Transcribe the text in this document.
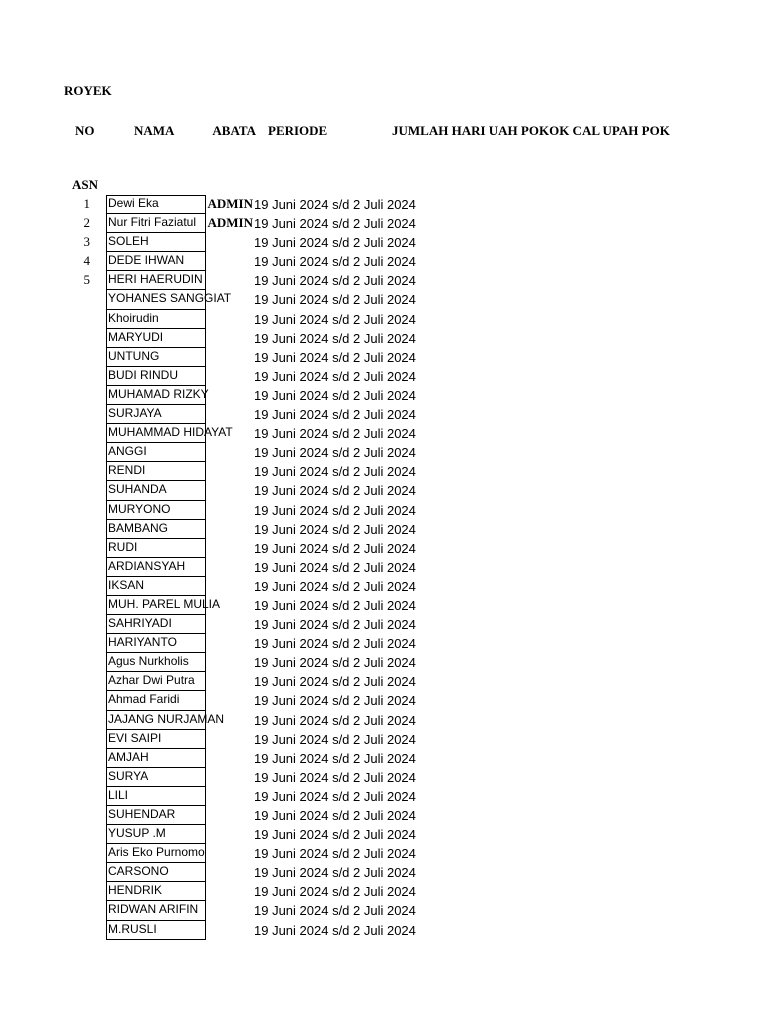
ROYEK
NO	NAMA	ABATA PERIODE	JUMLAH HARI UAH POKOK CAL UPAH POK
ASN
1 Dewi Eka	ADMIN 19 Juni 2024 s/d 2 Juli 2024
2 Nur Fitri Faziatul ADMIN 19 Juni 2024 s/d 2 Juli 2024
3 SOLEH	19 Juni 2024 s/d 2 Juli 2024
4 DEDE IHWAN	19 Juni 2024 s/d 2 Juli 2024
5 HERI HAERUDIN	19 Juni 2024 s/d 2 Juli 2024
YOHANES SANGGIAT 19 Juni 2024 s/d 2 Juli 2024
Khoirudin	19 Juni 2024 s/d 2 Juli 2024
MARYUDI	19 Juni 2024 s/d 2 Juli 2024
UNTUNG	19 Juni 2024 s/d 2 Juli 2024
BUDI RINDU	19 Juni 2024 s/d 2 Juli 2024
MUHAMAD RIZKY	19 Juni 2024 s/d 2 Juli 2024
SURJAYA	19 Juni 2024 s/d 2 Juli 2024
MUHAMMAD HIDAYAT 19 Juni 2024 s/d 2 Juli 2024
ANGGI	19 Juni 2024 s/d 2 Juli 2024
RENDI	19 Juni 2024 s/d 2 Juli 2024
SUHANDA	19 Juni 2024 s/d 2 Juli 2024
MURYONO	19 Juni 2024 s/d 2 Juli 2024
BAMBANG	19 Juni 2024 s/d 2 Juli 2024
RUDI	19 Juni 2024 s/d 2 Juli 2024
ARDIANSYAH	19 Juni 2024 s/d 2 Juli 2024
IKSAN	19 Juni 2024 s/d 2 Juli 2024
MUH. PAREL MULIA	19 Juni 2024 s/d 2 Juli 2024
SAHRIYADI	19 Juni 2024 s/d 2 Juli 2024
HARIYANTO	19 Juni 2024 s/d 2 Juli 2024
Agus Nurkholis	19 Juni 2024 s/d 2 Juli 2024
Azhar Dwi Putra	19 Juni 2024 s/d 2 Juli 2024
Ahmad Faridi	19 Juni 2024 s/d 2 Juli 2024
JAJANG NURJAMAN 19 Juni 2024 s/d 2 Juli 2024
EVI SAIPI	19 Juni 2024 s/d 2 Juli 2024
AMJAH	19 Juni 2024 s/d 2 Juli 2024
SURYA	19 Juni 2024 s/d 2 Juli 2024
LILI	19 Juni 2024 s/d 2 Juli 2024
SUHENDAR	19 Juni 2024 s/d 2 Juli 2024
YUSUP .M	19 Juni 2024 s/d 2 Juli 2024
Aris Eko Purnomo	19 Juni 2024 s/d 2 Juli 2024
CARSONO	19 Juni 2024 s/d 2 Juli 2024
HENDRIK	19 Juni 2024 s/d 2 Juli 2024
RIDWAN ARIFIN	19 Juni 2024 s/d 2 Juli 2024
M.RUSLI	19 Juni 2024 s/d 2 Juli 2024
